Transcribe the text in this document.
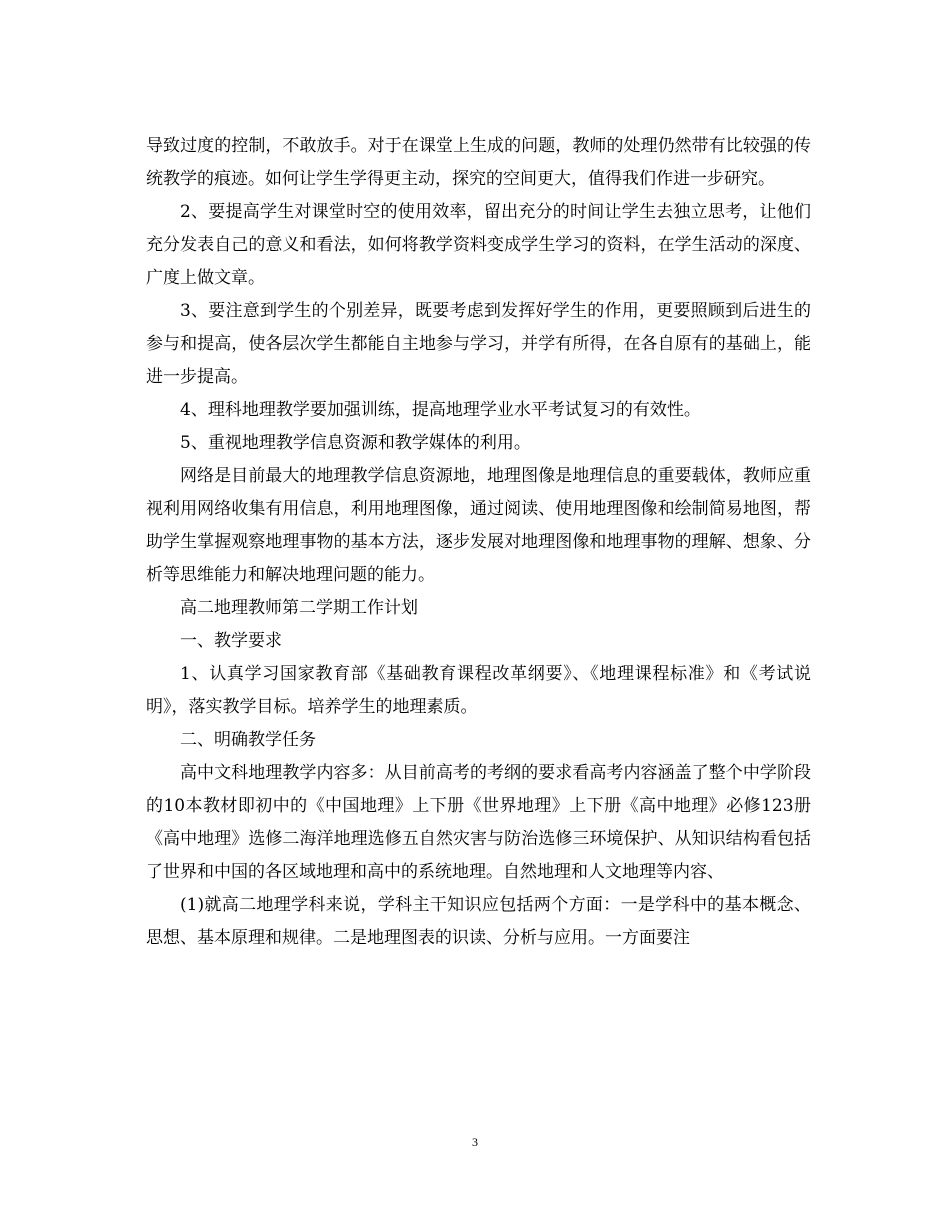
导致过度的控制，不敢放手。对于在课堂上生成的问题，教师的处理仍然带有比较强的传统教学的痕迹。如何让学生学得更主动，探究的空间更大，值得我们作进一步研究。

2、要提高学生对课堂时空的使用效率，留出充分的时间让学生去独立思考，让他们充分发表自己的意义和看法，如何将教学资料变成学生学习的资料，在学生活动的深度、广度上做文章。

3、要注意到学生的个别差异，既要考虑到发挥好学生的作用，更要照顾到后进生的参与和提高，使各层次学生都能自主地参与学习，并学有所得，在各自原有的基础上，能进一步提高。

4、理科地理教学要加强训练，提高地理学业水平考试复习的有效性。

5、重视地理教学信息资源和教学媒体的利用。

网络是目前最大的地理教学信息资源地，地理图像是地理信息的重要载体，教师应重视利用网络收集有用信息，利用地理图像，通过阅读、使用地理图像和绘制简易地图，帮助学生掌握观察地理事物的基本方法，逐步发展对地理图像和地理事物的理解、想象、分析等思维能力和解决地理问题的能力。

高二地理教师第二学期工作计划

一、教学要求

1、认真学习国家教育部《基础教育课程改革纲要》、《地理课程标准》和《考试说明》，落实教学目标。培养学生的地理素质。

二、明确教学任务

高中文科地理教学内容多：从目前高考的考纲的要求看高考内容涵盖了整个中学阶段的10本教材即初中的《中国地理》上下册《世界地理》上下册《高中地理》必修123册《高中地理》选修二海洋地理选修五自然灾害与防治选修三环境保护、从知识结构看包括了世界和中国的各区域地理和高中的系统地理。自然地理和人文地理等内容、

(1)就高二地理学科来说，学科主干知识应包括两个方面：一是学科中的基本概念、思想、基本原理和规律。二是地理图表的识读、分析与应用。一方面要注

3
